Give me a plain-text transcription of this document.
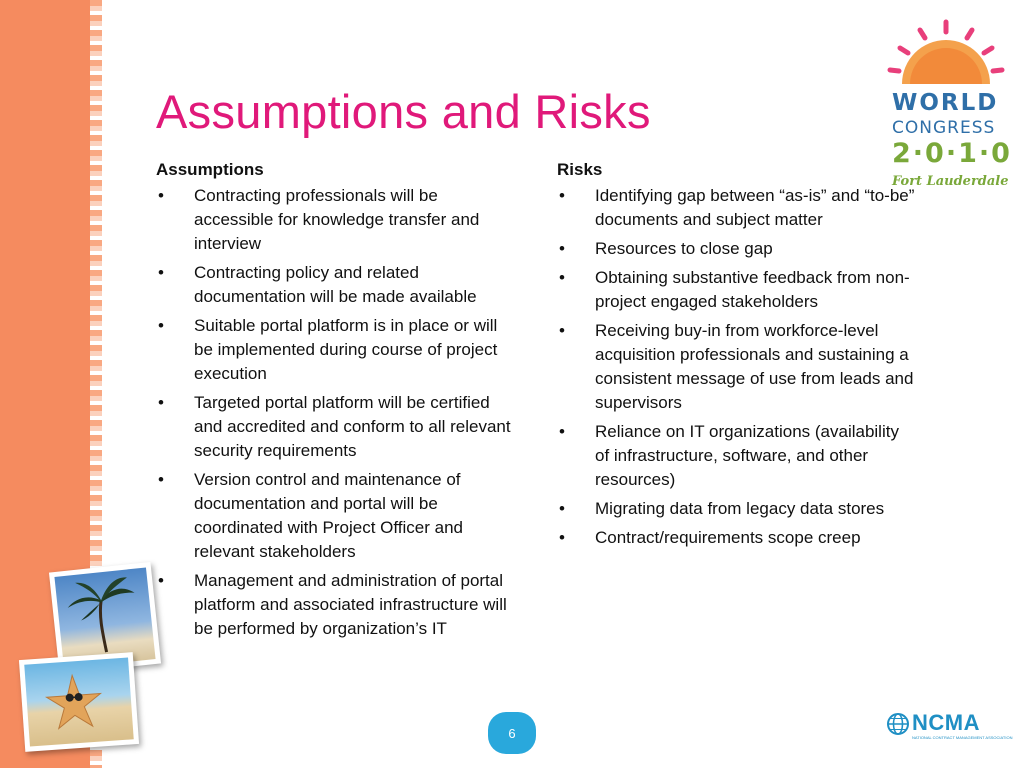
Assumptions and Risks
Assumptions
• Contracting professionals will be accessible for knowledge transfer and interview
• Contracting policy and related documentation will be made available
• Suitable portal platform is in place or will be implemented during course of project execution
• Targeted portal platform will be certified and accredited and conform to all relevant security requirements
• Version control and maintenance of documentation and portal will be coordinated with Project Officer and relevant stakeholders
• Management and administration of portal platform and associated infrastructure will be performed by organization’s IT
Risks
• Identifying gap between “as-is” and “to-be” documents and subject matter
• Resources to close gap
• Obtaining substantive feedback from non-project engaged stakeholders
• Receiving buy-in from workforce-level acquisition professionals and sustaining a consistent message of use from leads and supervisors
• Reliance on IT organizations (availability of infrastructure, software, and other resources)
• Migrating data from legacy data stores
• Contract/requirements scope creep
WORLD
CONGRESS
2·0·1·0
Fort Lauderdale
6	NCMA
NATIONAL CONTRACT MANAGEMENT ASSOCIATION
